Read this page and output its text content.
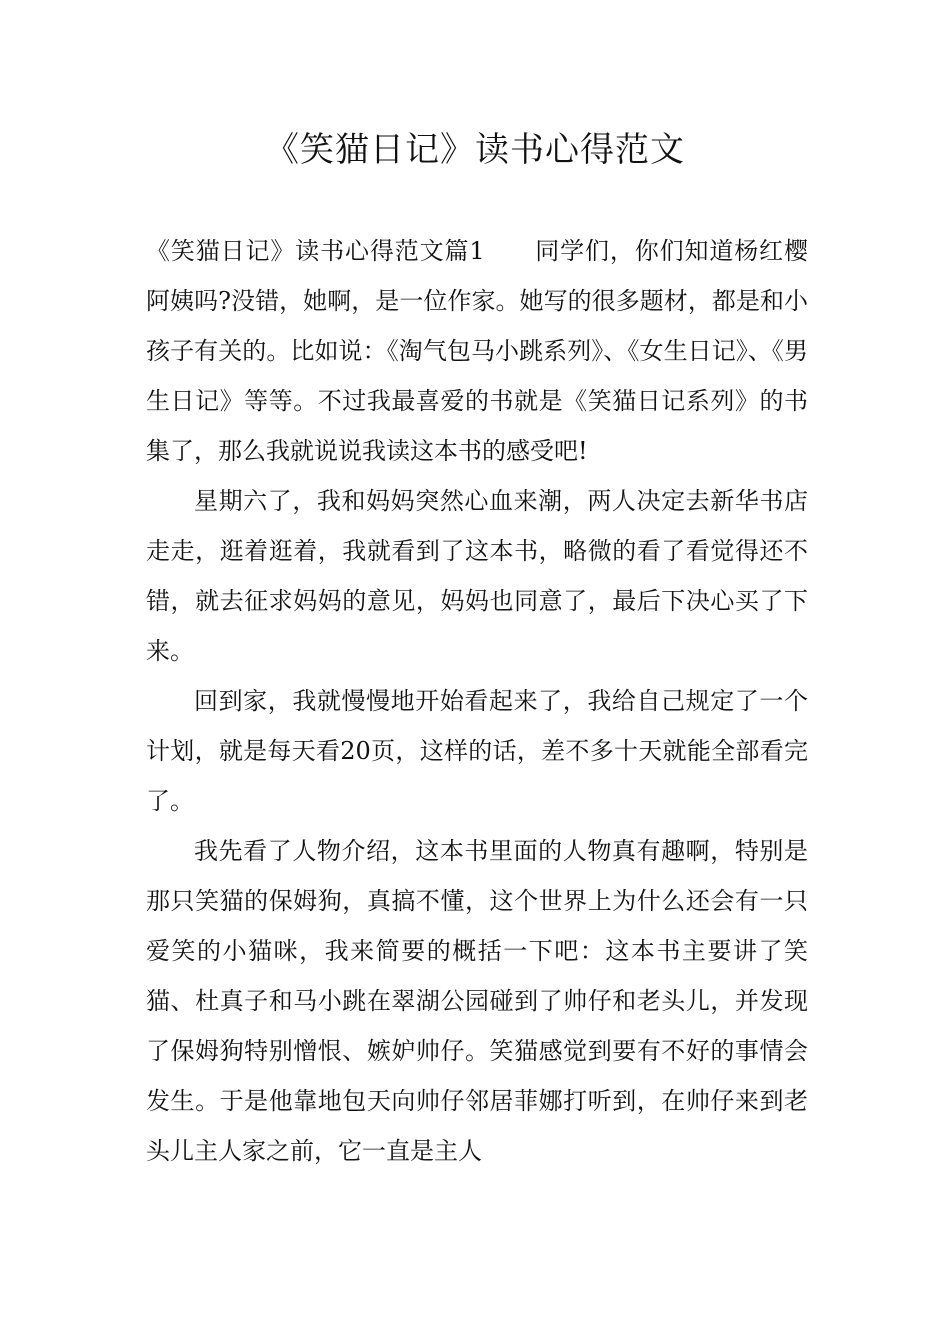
《笑猫日记》读书心得范文

《笑猫日记》读书心得范文篇1　　同学们，你们知道杨红樱阿姨吗?没错，她啊，是一位作家。她写的很多题材，都是和小孩子有关的。比如说：《淘气包马小跳系列》、《女生日记》、《男生日记》等等。不过我最喜爱的书就是《笑猫日记系列》的书集了，那么我就说说我读这本书的感受吧!

星期六了，我和妈妈突然心血来潮，两人决定去新华书店走走，逛着逛着，我就看到了这本书，略微的看了看觉得还不错，就去征求妈妈的意见，妈妈也同意了，最后下决心买了下来。

回到家，我就慢慢地开始看起来了，我给自己规定了一个计划，就是每天看20页，这样的话，差不多十天就能全部看完了。

我先看了人物介绍，这本书里面的人物真有趣啊，特别是那只笑猫的保姆狗，真搞不懂，这个世界上为什么还会有一只爱笑的小猫咪，我来简要的概括一下吧：这本书主要讲了笑猫、杜真子和马小跳在翠湖公园碰到了帅仔和老头儿，并发现了保姆狗特别憎恨、嫉妒帅仔。笑猫感觉到要有不好的事情会发生。于是他靠地包天向帅仔邻居菲娜打听到，在帅仔来到老头儿主人家之前，它一直是主人
